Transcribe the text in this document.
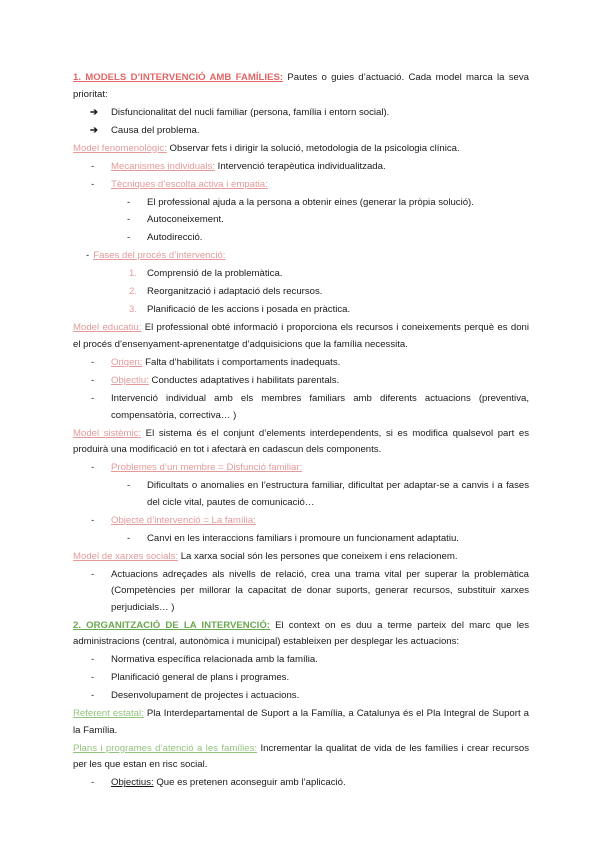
1. MODELS D’INTERVENCIÓ AMB FAMÍLIES: Pautes o guies d’actuació. Cada model marca la seva prioritat:

➔ Disfuncionalitat del nucli familiar (persona, família i entorn social).
➔ Causa del problema.

Model fenomenològic: Observar fets i dirigir la solució, metodologia de la psicologia clínica.

- Mecanismes individuals: Intervenció terapèutica individualitzada.
- Tècniques d’escolta activa i empatia:
- El professional ajuda a la persona a obtenir eines (generar la pròpia solució).
- Autoconeixement.
- Autodirecció.
- Fases del procés d’intervenció:
1. Comprensió de la problemàtica.
2. Reorganització i adaptació dels recursos.
3. Planificació de les accions i posada en pràctica.

Model educatiu: El professional obté informació i proporciona els recursos i coneixements perquè es doni el procés d’ensenyament-aprenentatge d’adquisicions que la família necessita.

- Origen: Falta d’habilitats i comportaments inadequats.
- Objectiu: Conductes adaptatives i habilitats parentals.
- Intervenció individual amb els membres familiars amb diferents actuacions (preventiva, compensatòria, correctiva… )

Model sistèmic: El sistema és el conjunt d’elements interdependents, si es modifica qualsevol part es produirà una modificació en tot i afectarà en cadascun dels components.

- Problemes d’un membre = Disfunció familiar:
- Dificultats o anomalies en l’estructura familiar, dificultat per adaptar-se a canvis i a fases del cicle vital, pautes de comunicació…
- Objecte d’intervenció = La família:
- Canvi en les interaccions familiars i promoure un funcionament adaptatiu.

Model de xarxes socials: La xarxa social són les persones que coneixem i ens relacionem.

- Actuacions adreçades als nivells de relació, crea una trama vital per superar la problemàtica (Competències per millorar la capacitat de donar suports, generar recursos, substituir xarxes perjudicials… )

2. ORGANITZACIÓ DE LA INTERVENCIÓ: El context on es duu a terme parteix del marc que les administracions (central, autonòmica i municipal) estableixen per desplegar les actuacions:

- Normativa específica relacionada amb la família.
- Planificació general de plans i programes.
- Desenvolupament de projectes i actuacions.

Referent estatal: Pla Interdepartamental de Suport a la Família, a Catalunya és el Pla Integral de Suport a la Família.

Plans i programes d’atenció a les famílies: Incrementar la qualitat de vida de les famílies i crear recursos per les que estan en risc social.

- Objectius: Que es pretenen aconseguir amb l’aplicació.
